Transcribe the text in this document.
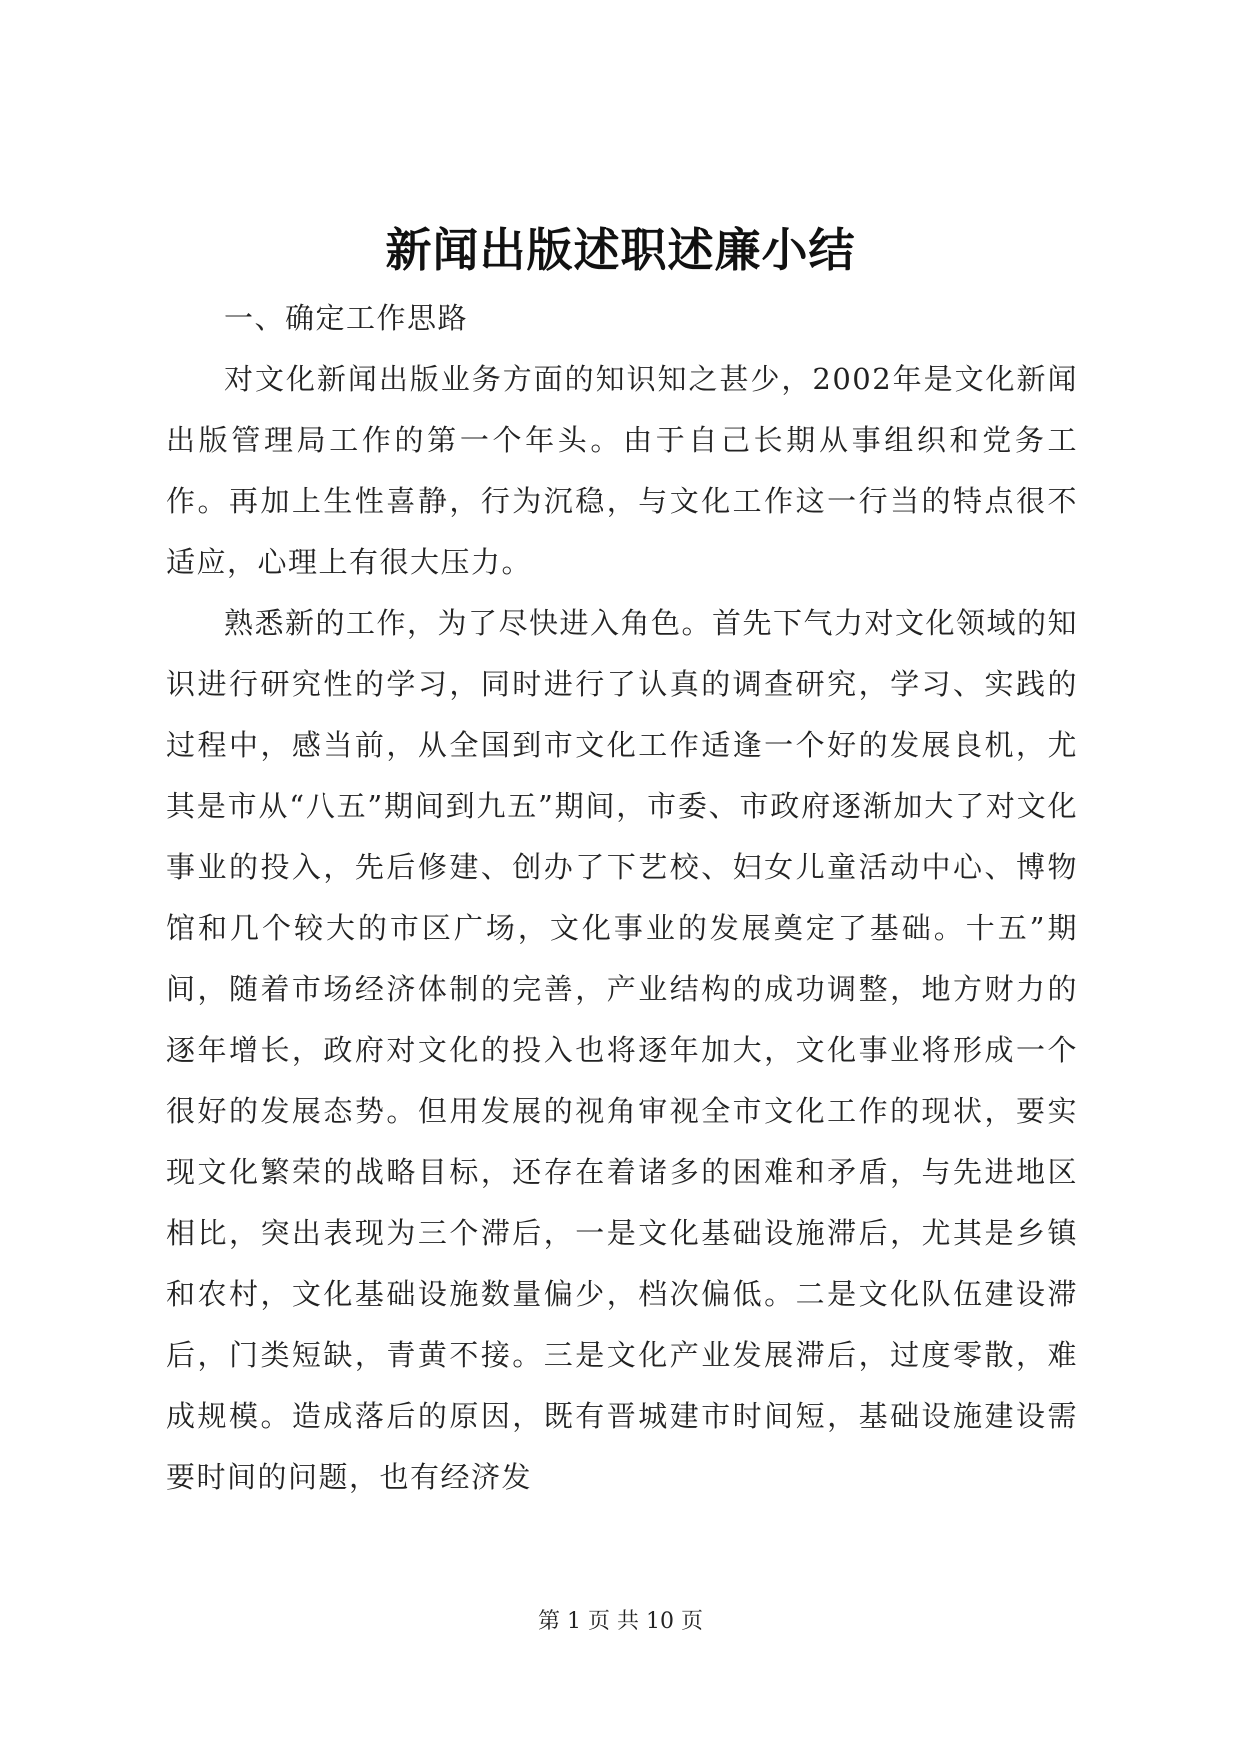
新闻出版述职述廉小结

一、确定工作思路

对文化新闻出版业务方面的知识知之甚少，2002年是文化新闻出版管理局工作的第一个年头。由于自己长期从事组织和党务工作。再加上生性喜静，行为沉稳，与文化工作这一行当的特点很不适应，心理上有很大压力。

熟悉新的工作，为了尽快进入角色。首先下气力对文化领域的知识进行研究性的学习，同时进行了认真的调查研究，学习、实践的过程中，感当前，从全国到市文化工作适逢一个好的发展良机，尤其是市从“八五”期间到九五”期间，市委、市政府逐渐加大了对文化事业的投入，先后修建、创办了下艺校、妇女儿童活动中心、博物馆和几个较大的市区广场，文化事业的发展奠定了基础。十五”期间，随着市场经济体制的完善，产业结构的成功调整，地方财力的逐年增长，政府对文化的投入也将逐年加大，文化事业将形成一个很好的发展态势。但用发展的视角审视全市文化工作的现状，要实现文化繁荣的战略目标，还存在着诸多的困难和矛盾，与先进地区相比，突出表现为三个滞后，一是文化基础设施滞后，尤其是乡镇和农村，文化基础设施数量偏少，档次偏低。二是文化队伍建设滞后，门类短缺，青黄不接。三是文化产业发展滞后，过度零散，难成规模。造成落后的原因，既有晋城建市时间短，基础设施建设需要时间的问题，也有经济发

第 1 页 共 10 页
